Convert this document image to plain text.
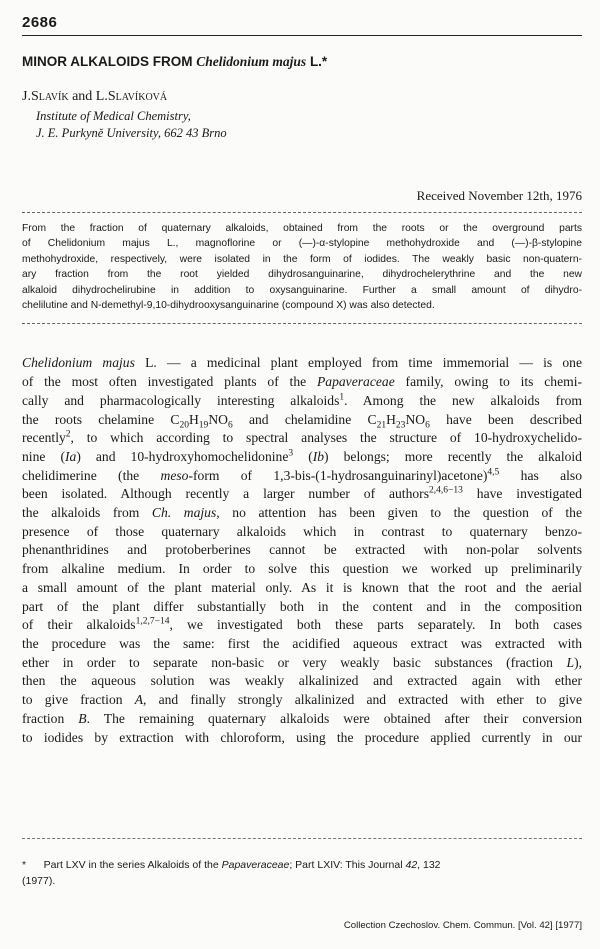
2686
MINOR ALKALOIDS FROM Chelidonium majus L.*
J.Slavík and L.Slavíková
Institute of Medical Chemistry,
J. E. Purkyně University, 662 43 Brno
Received November 12th, 1976
From the fraction of quaternary alkaloids, obtained from the roots or the overground parts
of Chelidonium majus L., magnoflorine or (—)-α-stylopine methohydroxide and (—)-β-stylopine
methohydroxide, respectively, were isolated in the form of iodides. The weakly basic non-quatern-
ary fraction from the root yielded dihydrosanguinarine, dihydrochelerythrine and the new
alkaloid dihydrochelirubine in addition to oxysanguinarine. Further a small amount of dihydro-
chelilutine and N-demethyl-9,10-dihydrooxysanguinarine (compound X) was also detected.
Chelidonium majus L. — a medicinal plant employed from time immemorial — is one
of the most often investigated plants of the Papaveraceae family, owing to its chemi-
cally and pharmacologically interesting alkaloids$^1$. Among the new alkaloids from
the roots chelamine $C_{20}H_{19}NO_6$ and chelamidine $C_{21}H_{23}NO_6$ have been described
recently$^2$, to which according to spectral analyses the structure of 10-hydroxychelido-
nine (Ia) and 10-hydroxyhomochelidonine$^3$ (Ib) belongs; more recently the alkaloid
chelidimerine (the meso-form of 1,3-bis-(1-hydrosanguinarinyl)acetone)$^{4,5}$ has also
been isolated. Although recently a larger number of authors$^{2,4,6-13}$ have investigated
the alkaloids from Ch. majus, no attention has been given to the question of the
presence of those quaternary alkaloids which in contrast to quaternary benzo-
phenanthridines and protoberberines cannot be extracted with non-polar solvents
from alkaline medium. In order to solve this question we worked up preliminarily
a small amount of the plant material only. As it is known that the root and the aerial
part of the plant differ substantially both in the content and in the composition
of their alkaloids$^{1,2,7-14}$, we investigated both these parts separately. In both cases
the procedure was the same: first the acidified aqueous extract was extracted with
ether in order to separate non-basic or very weakly basic substances (fraction L),
then the aqueous solution was weakly alkalinized and extracted again with ether
to give fraction A, and finally strongly alkalinized and extracted with ether to give
fraction B. The remaining quaternary alkaloids were obtained after their conversion
to iodides by extraction with chloroform, using the procedure applied currently in our
* Part LXV in the series Alkaloids of the Papaveraceae; Part LXIV: This Journal 42, 132
(1977).
Collection Czechoslov. Chem. Commun. [Vol. 42] [1977]
